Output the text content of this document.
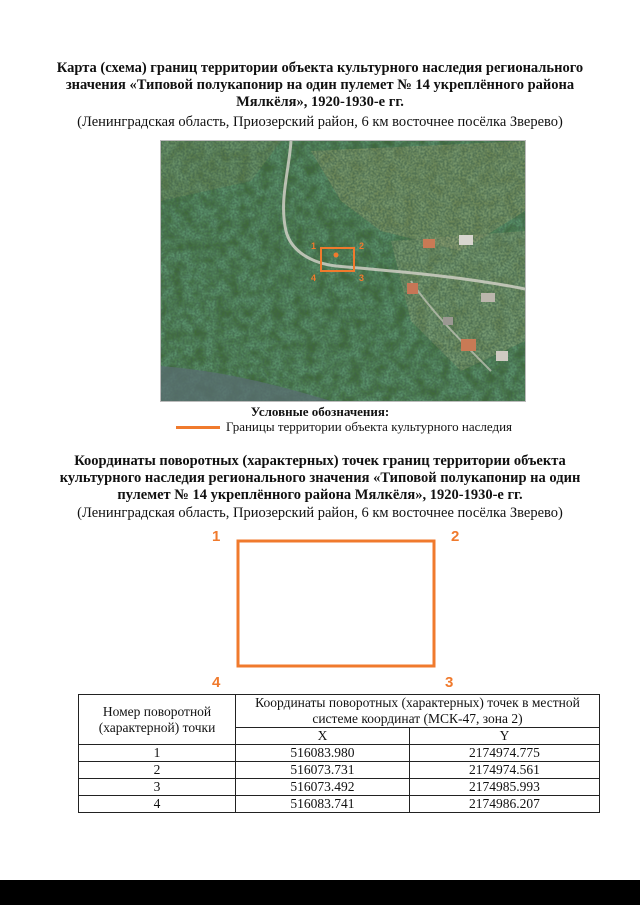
Карта (схема) границ территории объекта культурного наследия регионального значения «Типовой полукапонир на один пулемет № 14 укреплённого района Мялкёля», 1920-1930-е гг.
(Ленинградская область, Приозерский район, 6 км восточнее посёлка Зверево)
1	2
3
4
Условные обозначения:
Границы территории объекта культурного наследия
Координаты поворотных (характерных) точек границ территории объекта культурного наследия регионального значения «Типовой полукапонир на один пулемет № 14 укреплённого района Мялкёля», 1920-1930-е гг.
(Ленинградская область, Приозерский район, 6 км восточнее посёлка Зверево)
1	2
3
4
Номер поворотной (характерной) точки	Координаты поворотных (характерных) точек в местной системе координат (МСК-47, зона 2)	
	X	Y
1	516083.980	2174974.775
2	516073.731	2174974.561
3	516073.492	2174985.993
4	516083.741	2174986.207
